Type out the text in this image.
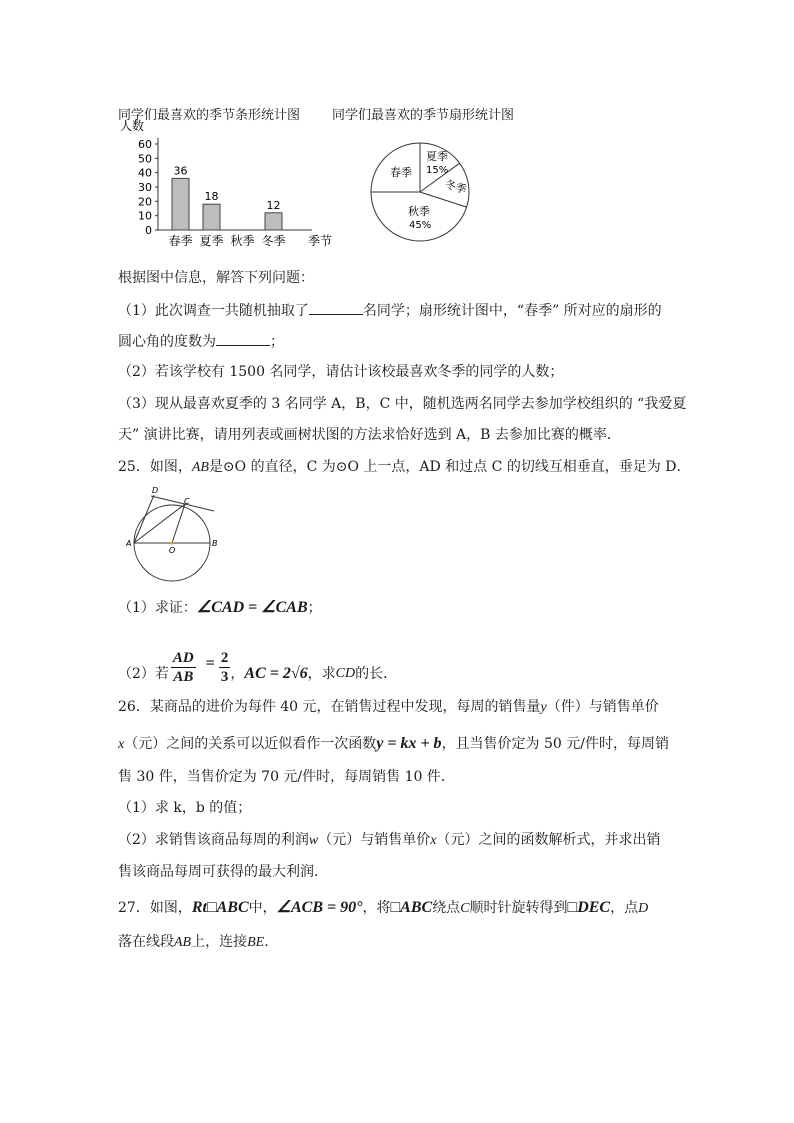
同学们最喜欢的季节条形统计图 同学们最喜欢的季节扇形统计图
人数
0
10
20
30
40
50
60
36
春季
18
夏季 秋季
12
冬季 季节
春季
夏季
15%
冬季
秋季
45%
根据图中信息，解答下列问题：
（1）此次调查一共随机抽取了	名同学；扇形统计图中，“春季” 所对应的扇形的
圆心角的度数为	；
（2）若该学校有 1500 名同学，请估计该校最喜欢冬季的同学的人数；
（3）现从最喜欢夏季的 3 名同学 A，B，C 中，随机选两名同学去参加学校组织的 “我爱夏
天” 演讲比赛，请用列表或画树状图的方法求恰好选到 A，B 去参加比赛的概率．
25．如图，AB是⊙O 的直径，C 为⊙O 上一点，AD 和过点 C 的切线互相垂直，垂足为 D．
D
C
A
O
B
（1）求证：∠CAD = ∠CAB；
（2）若 $\frac{AD}{AB} = \frac{2}{3}$ ， AC = 2√6 ，求 CD 的长．
26．某商品的进价为每件 40 元，在销售过程中发现，每周的销售量y（件）与销售单价
x（元）之间的关系可以近似看作一次函数y = kx + b，且当售价定为 50 元/件时，每周销
售 30 件，当售价定为 70 元/件时，每周销售 10 件．
（1）求 k，b 的值；
（2）求销售该商品每周的利润w（元）与销售单价x（元）之间的函数解析式，并求出销
售该商品每周可获得的最大利润．
27．如图，Rt□ABC中，∠ACB = 90°，将□ABC绕点C顺时针旋转得到□DEC，点D
落在线段AB上，连接BE.
